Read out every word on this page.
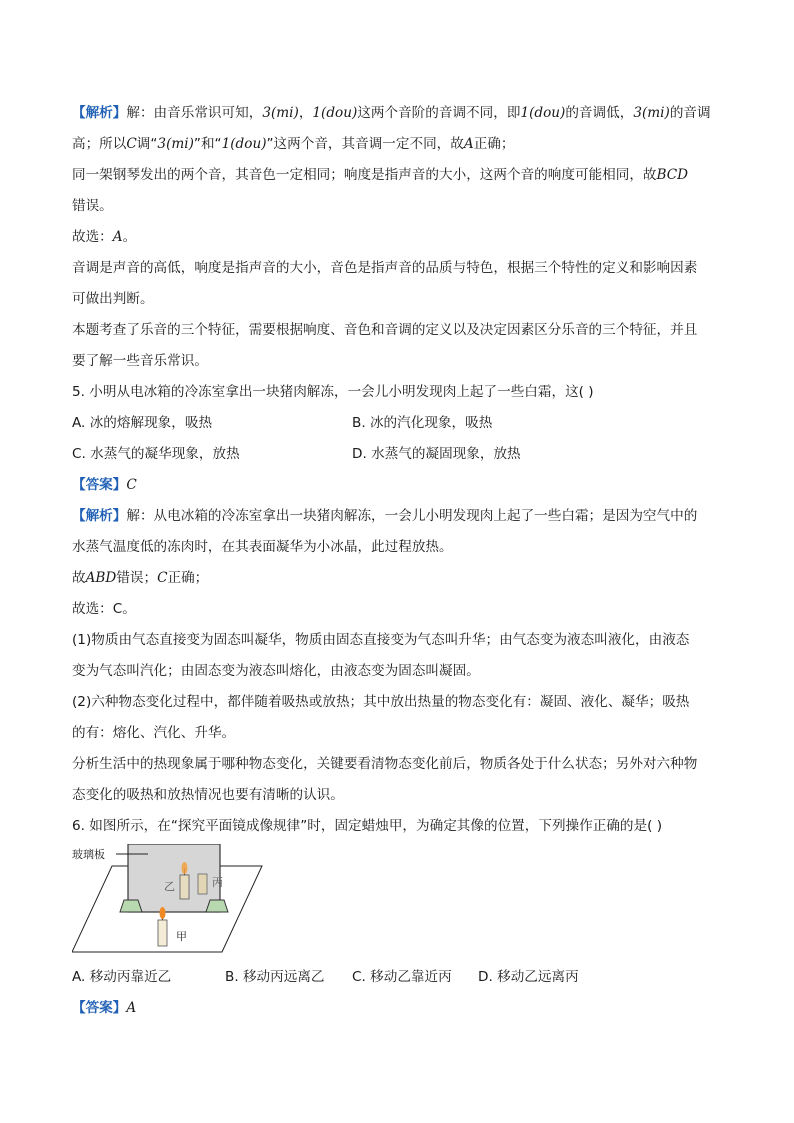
【解析】解：由音乐常识可知，3(mi)，1(dou)这两个音阶的音调不同，即1(dou)的音调低，3(mi)的音调
高；所以C调“3(mi)”和“1(dou)”这两个音，其音调一定不同，故A正确；
同一架钢琴发出的两个音，其音色一定相同；响度是指声音的大小，这两个音的响度可能相同，故BCD
错误。
故选：A。
音调是声音的高低，响度是指声音的大小，音色是指声音的品质与特色，根据三个特性的定义和影响因素
可做出判断。
本题考查了乐音的三个特征，需要根据响度、音色和音调的定义以及决定因素区分乐音的三个特征，并且
要了解一些音乐常识。
5. 小明从电冰箱的冷冻室拿出一块猪肉解冻，一会儿小明发现肉上起了一些白霜，这( )
A. 冰的熔解现象，吸热	B. 冰的汽化现象，吸热
C. 水蒸气的凝华现象，放热	D. 水蒸气的凝固现象，放热
【答案】C
【解析】解：从电冰箱的冷冻室拿出一块猪肉解冻，一会儿小明发现肉上起了一些白霜；是因为空气中的
水蒸气温度低的冻肉时，在其表面凝华为小冰晶，此过程放热。
故ABD错误；C正确；
故选：C。
(1)物质由气态直接变为固态叫凝华，物质由固态直接变为气态叫升华；由气态变为液态叫液化，由液态
变为气态叫汽化；由固态变为液态叫熔化，由液态变为固态叫凝固。
(2)六种物态变化过程中，都伴随着吸热或放热；其中放出热量的物态变化有：凝固、液化、凝华；吸热
的有：熔化、汽化、升华。
分析生活中的热现象属于哪种物态变化，关键要看清物态变化前后，物质各处于什么状态；另外对六种物
态变化的吸热和放热情况也要有清晰的认识。
6. 如图所示，在“探究平面镜成像规律”时，固定蜡烛甲，为确定其像的位置，下列操作正确的是( )
玻璃板
乙	丙
甲
A. 移动丙靠近乙	B. 移动丙远离乙 C. 移动乙靠近丙 D. 移动乙远离丙
【答案】A
